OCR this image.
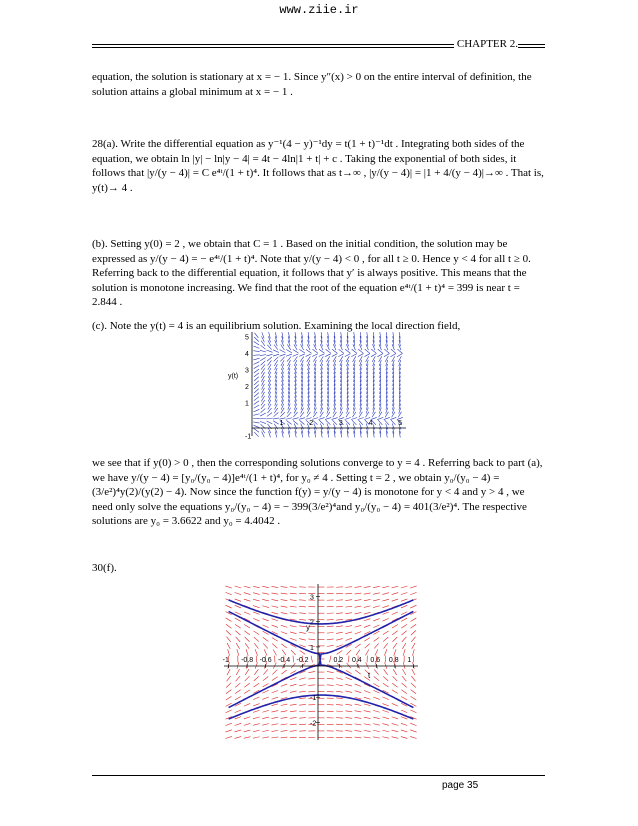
www.ziie.ir
CHAPTER 2.
equation, the solution is stationary at x = − 1. Since y″(x) > 0 on the entire interval of definition, the solution attains a global minimum at x = − 1 .
28(a). Write the differential equation as y⁻¹(4 − y)⁻¹dy = t(1 + t)⁻¹dt . Integrating both sides of the equation, we obtain ln |y| − ln|y − 4| = 4t − 4ln|1 + t| + c . Taking the exponential of both sides, it follows that |y/(y − 4)| = C e⁴ᵗ/(1 + t)⁴. It follows that as t→∞ , |y/(y − 4)| = |1 + 4/(y − 4)|→∞ . That is, y(t)→ 4 .
(b). Setting y(0) = 2 , we obtain that C = 1 . Based on the initial condition, the solution may be expressed as y/(y − 4) = − e⁴ᵗ/(1 + t)⁴. Note that y/(y − 4) < 0 , for all t ≥ 0. Hence y < 4 for all t ≥ 0. Referring back to the differential equation, it follows that y′ is always positive. This means that the solution is monotone increasing. We find that the root of the equation e⁴ᵗ/(1 + t)⁴ = 399 is near t = 2.844 .
(c). Note the y(t) = 4 is an equilibrium solution. Examining the local direction field,
y(t)
5
4
3
2
1
-1
1	2	3	4	5
we see that if y(0) > 0 , then the corresponding solutions converge to y = 4 . Referring back to part (a), we have y/(y − 4) = [y₀/(y₀ − 4)]e⁴ᵗ/(1 + t)⁴, for y₀ ≠ 4 . Setting t = 2 , we obtain y₀/(y₀ − 4) = (3/e²)⁴y(2)/(y(2) − 4). Now since the function f(y) = y/(y − 4) is monotone for y < 4 and y > 4 , we need only solve the equations y₀/(y₀ − 4) = − 399(3/e²)⁴and y₀/(y₀ − 4) = 401(3/e²)⁴. The respective solutions are y₀ = 3.6622 and y₀ = 4.4042 .
30(f).
y
t
3
2
1
-1
-2
-1 -0.8 -0.6 -0.4 -0.2	0.2 0.4 0.6 0.8 1
page 35
